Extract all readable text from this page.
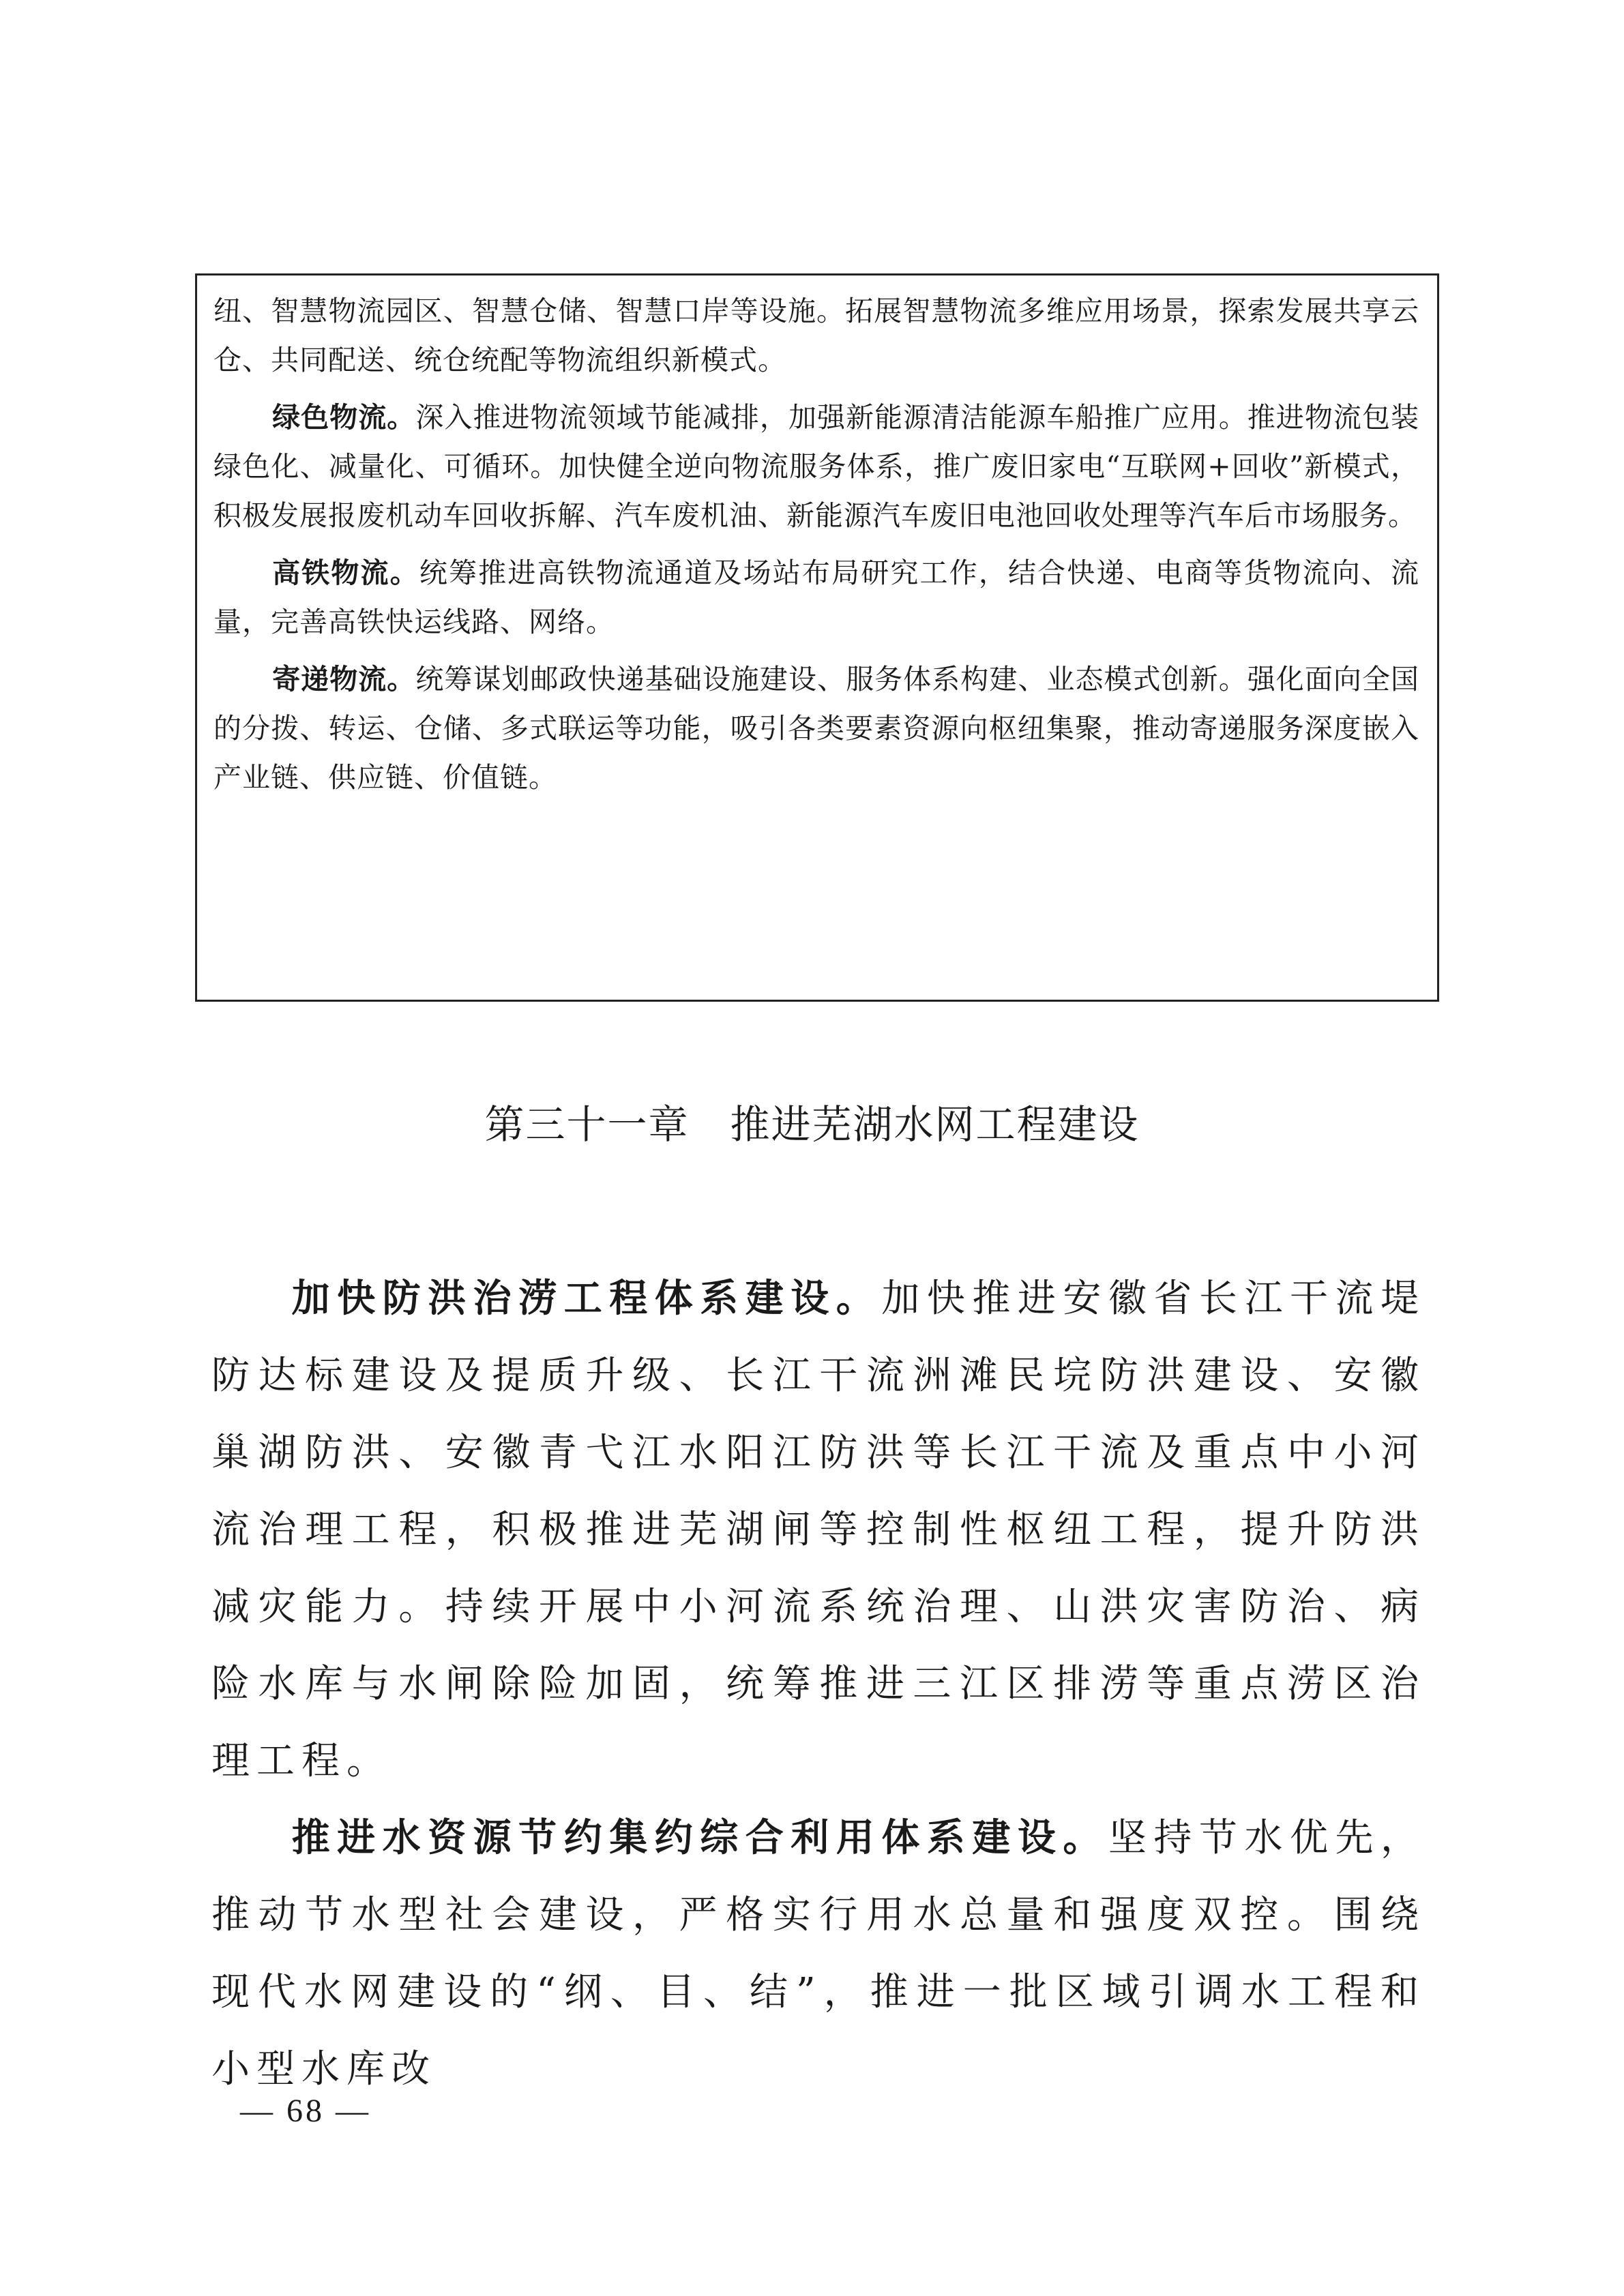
纽、智慧物流园区、智慧仓储、智慧口岸等设施。拓展智慧物流多维应用场景，探索发展共享云仓、共同配送、统仓统配等物流组织新模式。

绿色物流。深入推进物流领域节能减排，加强新能源清洁能源车船推广应用。推进物流包装绿色化、减量化、可循环。加快健全逆向物流服务体系，推广废旧家电“互联网+回收”新模式，积极发展报废机动车回收拆解、汽车废机油、新能源汽车废旧电池回收处理等汽车后市场服务。

高铁物流。统筹推进高铁物流通道及场站布局研究工作，结合快递、电商等货物流向、流量，完善高铁快运线路、网络。

寄递物流。统筹谋划邮政快递基础设施建设、服务体系构建、业态模式创新。强化面向全国的分拨、转运、仓储、多式联运等功能，吸引各类要素资源向枢纽集聚，推动寄递服务深度嵌入产业链、供应链、价值链。

第三十一章　推进芜湖水网工程建设

加快防洪治涝工程体系建设。加快推进安徽省长江干流堤防达标建设及提质升级、长江干流洲滩民垸防洪建设、安徽巢湖防洪、安徽青弋江水阳江防洪等长江干流及重点中小河流治理工程，积极推进芜湖闸等控制性枢纽工程，提升防洪减灾能力。持续开展中小河流系统治理、山洪灾害防治、病险水库与水闸除险加固，统筹推进三江区排涝等重点涝区治理工程。

推进水资源节约集约综合利用体系建设。坚持节水优先，推动节水型社会建设，严格实行用水总量和强度双控。围绕现代水网建设的“纲、目、结”，推进一批区域引调水工程和小型水库改

— 68 —
